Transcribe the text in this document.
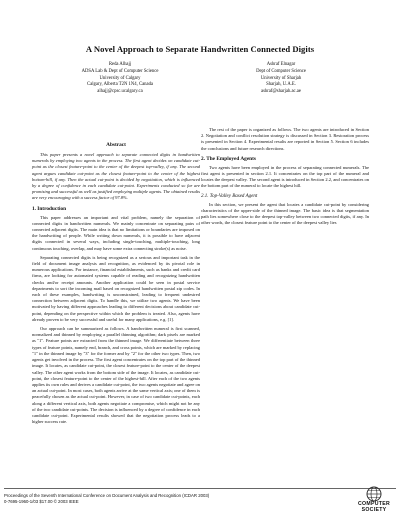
A Novel Approach to Separate Handwritten Connected Digits
Reda Alhajj
ADSA Lab & Dept of Computer Science
University of Calgary
Calgary, Alberta T2N 1N4, Canada
alhajj@cpsc.ucalgary.ca
Ashraf Elnagar
Dept of Computer Science
University of Sharjah
Sharjah, U.A.E.
ashraf@sharjah.ac.ae
Abstract

This paper presents a novel approach to separate connected digits in handwritten numerals by employing two agents in the process. The first agent decides on candidate cut-point as the closest feature-point to the center of the deepest top-valley, if any. The second agent argues candidate cut-point as the closest feature-point to the center of the highest bottom-hill, if any. Then the actual cut-point is decided by negotiation, which is influenced by a degree of confidence in each candidate cut-point. Experiments conducted so far are promising and successful as well as justified employing multiple agents. The obtained results are very encouraging with a success factor of 97.8%.

1. Introduction

This paper addresses an important and vital problem, namely the separation of connected digits in handwritten numerals. We mainly concentrate on separating pairs of connected adjacent digits. The main idea is that no limitations or boundaries are imposed on the handwriting of people. While writing down numerals, it is possible to have adjacent digits connected in several ways, including single-touching, multiple-touching, long continuous touching, overlap, and may have some extra connecting stroke(s) as noise.

Separating connected digits is being recognized as a serious and important task in the field of document image analysis and recognition, as evidenced by its pivotal role in numerous applications. For instance, financial establishments, such as banks and credit card firms, are looking for automated systems capable of reading and recognizing handwritten checks and/or receipt amounts. Another application could be seen in postal service departments to sort the incoming mail based on recognized handwritten postal zip codes. In each of these examples, handwriting is unconstrained, leading to frequent undesired connection between adjacent digits. To handle this, we utilize two agents. We have been motivated by having different approaches leading to different decisions about candidate cut-point, depending on the perspective within which the problem is treated. Also, agents have already proven to be very successful and useful for many applications, e.g. [1].

Our approach can be summarized as follows. A handwritten numeral is first scanned, normalized and thinned by employing a parallel thinning algorithm; dark pixels are marked as "1". Feature points are extracted from the thinned image. We differentiate between three types of feature points, namely end, branch, and cross points, which are marked by replacing "1" in the thinned image by "3" for the former and by "2" for the other two types. Then, two agents get involved in the process. The first agent concentrates on the top part of the thinned image. It locates, as candidate cut-point, the closest feature-point to the center of the deepest valley. The other agent works from the bottom side of the image. It locates, as candidate cut-point, the closest feature-point to the center of the highest-hill. After each of the two agents applies its own rules and derives a candidate cut-point, the two agents negotiate and agree on an actual cut-point. In most cases, both agents arrive at the same vertical axis; one of them is peacefully chosen as the actual cut-point. However, in case of two candidate cut-points, each along a different vertical axis, both agents negotiate a compromise, which might not be any of the two candidate cut-points. The decision is influenced by a degree of confidence in each candidate cut-point. Experimental results showed that the negotiation process leads to a higher success rate.

The rest of the paper is organized as follows. The two agents are introduced in Section 2. Negotiation and conflict resolution strategy is discussed in Section 3. Restoration process is presented in Section 4. Experimental results are reported in Section 5. Section 6 includes the conclusions and future research directions.

2. The Employed Agents

Two agents have been employed in the process of separating connected numerals. The first agent is presented in section 2.1. It concentrates on the top part of the numeral and locates the deepest valley. The second agent is introduced in Section 2.2, and concentrates on the bottom part of the numeral to locate the highest hill.

2.1. Top-Valley Based Agent

In this section, we present the agent that locates a candidate cut-point by considering characteristics of the upper-side of the thinned image. The basic idea is that segmentation path lies somewhere close to the deepest top-valley between two connected digits, if any. In other words, the closest feature point to the center of the deepest valley lies

Proceedings of the Seventh International Conference on Document Analysis and Recognition (ICDAR 2003)
0-7695-1960-1/03 $17.00 © 2003 IEEE	COMPUTER
SOCIETY
